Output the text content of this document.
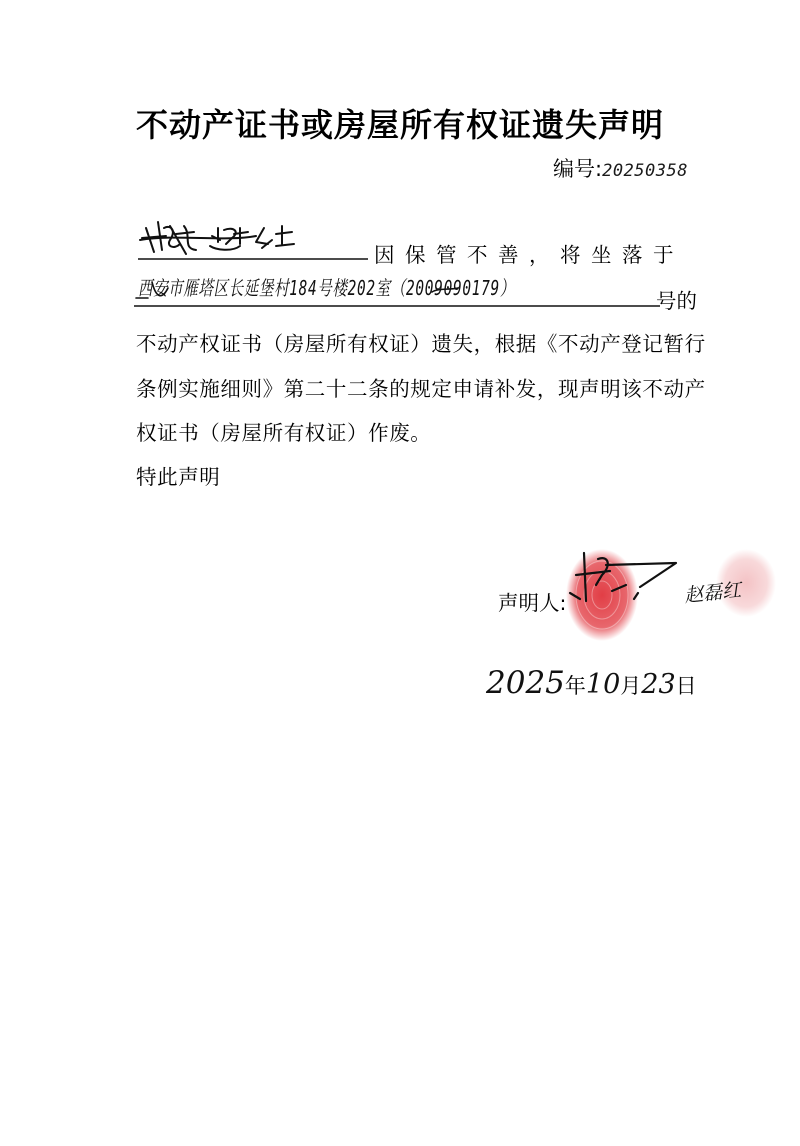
不动产证书或房屋所有权证遗失声明
编号:20250358
因保管不善，将坐落于
西安市雁塔区长延堡村184号楼202室（2009090179）
号的
不动产权证书（房屋所有权证）遗失，根据《不动产登记暂行
条例实施细则》第二十二条的规定申请补发，现声明该不动产
权证书（房屋所有权证）作废。
特此声明
声明人:	赵磊红
2025年10月23日
